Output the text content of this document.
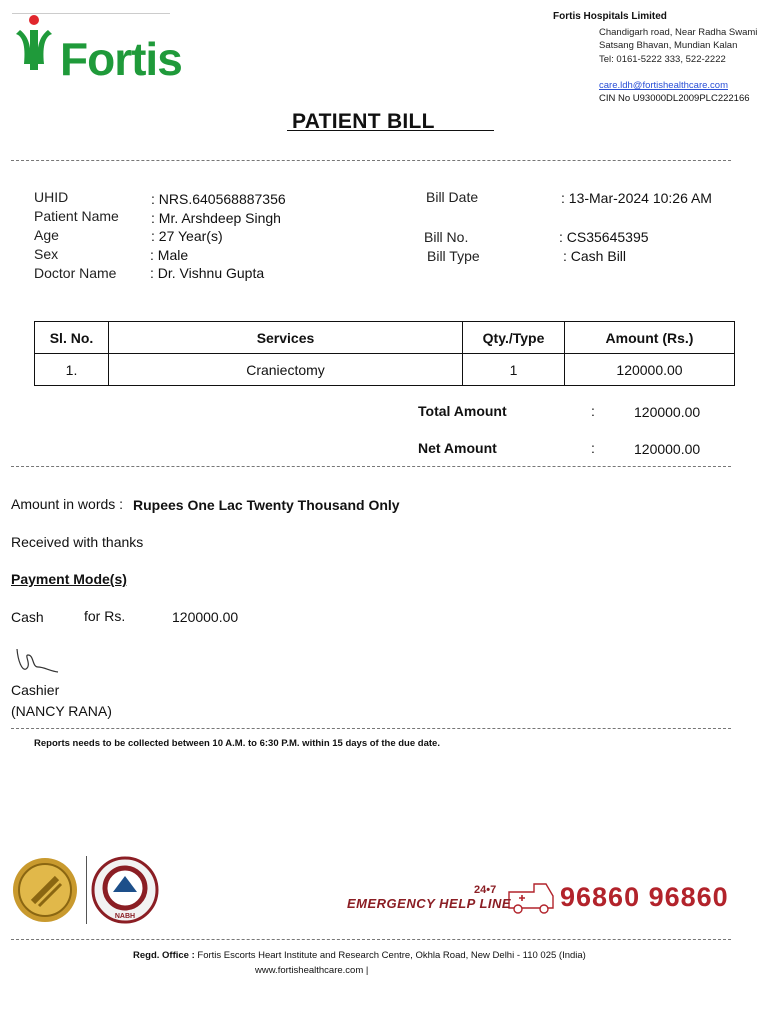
Fortis
Fortis Hospitals Limited
Chandigarh road, Near Radha Swami
Satsang Bhavan, Mundian Kalan
Tel: 0161-5222 333, 522-2222
care.ldh@fortishealthcare.com
CIN No U93000DL2009PLC222166
PATIENT BILL
UHID	: NRS.640568887356
Patient Name : Mr. Arshdeep Singh
Age	: 27 Year(s)
Sex	: Male
Doctor Name : Dr. Vishnu Gupta
Bill Date	: 13-Mar-2024 10:26 AM
Bill No.	: CS35645395
Bill Type	: Cash Bill
Sl. No.	Services	Qty./Type	Amount (Rs.)
1.	Craniectomy	1	120000.00
Total Amount	:	120000.00
Net Amount	:	120000.00
Amount in words : Rupees One Lac Twenty Thousand Only
Received with thanks
Payment Mode(s)
Cash	for Rs.	120000.00
Cashier
(NANCY RANA)
Reports needs to be collected between 10 A.M. to 6:30 P.M. within 15 days of the due date.
NABH
24•7
EMERGENCY HELP LINE 96860 96860
Regd. Office : Fortis Escorts Heart Institute and Research Centre, Okhla Road, New Delhi - 110 025 (India)
www.fortishealthcare.com |
